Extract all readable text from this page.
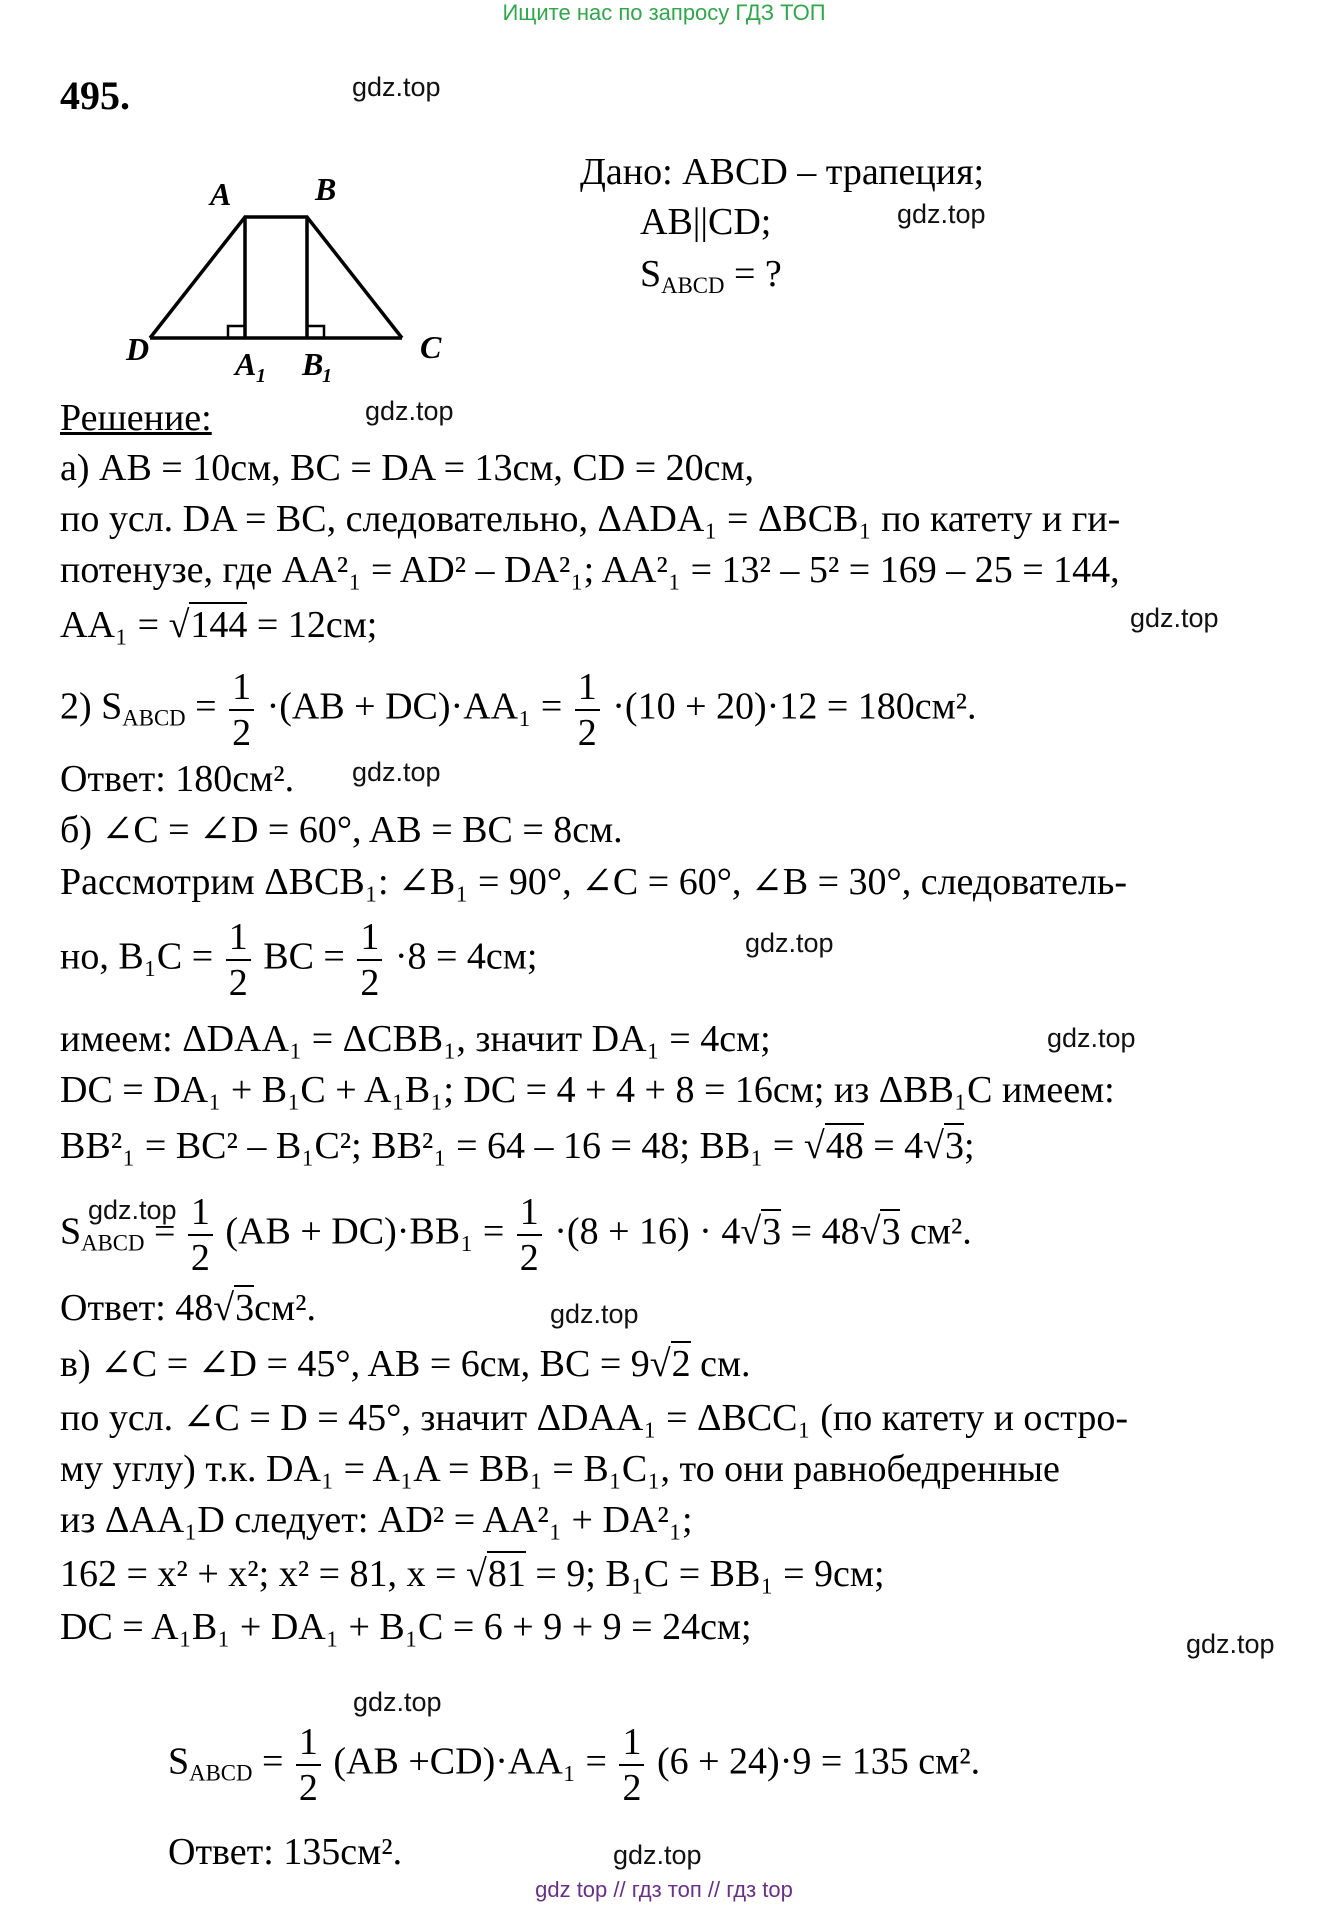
Ищите нас по запросу ГДЗ ТОП
495.	gdz.top
gdz.top
gdz.top
gdz.top
gdz.top
gdz.top
gdz.top
gdz.top
gdz.top
gdz.top
gdz.top
gdz.top
A	B
C
D	A 1 B
1
Дано: ABCD – трапеция;
AB||CD;
$S_{ABCD}$ = ?
Решение:
а) AB = 10см, BC = DA = 13см, CD = 20см,
по усл. DA = BC, следовательно, ΔADA₁ = ΔBCB₁ по катету и ги-
потенузе, где AA²₁ = AD² – DA²₁; AA²₁ = 13² – 5² = 169 – 25 = 144,
AA₁ = √144 = 12см;
2) $S_{ABCD} = \frac{1}{2} \cdot(AB + DC)\cdot AA_1 = \frac{1}{2} \cdot(10 + 20)\cdot 12 = 180см^2$.
Ответ: 180см².
б) ∠C = ∠D = 60°, AB = BC = 8см.
Рассмотрим ΔBCB₁: ∠B₁ = 90°, ∠C = 60°, ∠B = 30°, следователь-
но, $B_1C = \frac{1}{2}$ BC = $\frac{1}{2} \cdot 8 = 4см$;
имеем: ΔDAA₁ = ΔCBB₁, значит DA₁ = 4см;
DC = DA₁ + B₁C + A₁B₁; DC = 4 + 4 + 8 = 16см; из ΔBB₁C имеем:
BB²₁ = BC² – B₁C²; BB²₁ = 64 – 16 = 48; BB₁ = √48 = 4√3;
$S_{ABCD} = \frac{1}{2} (AB + DC)\cdot BB_1 = \frac{1}{2} \cdot(8 + 16) \cdot 4√3 = 48√3$ см².
Ответ: 48√3см².
в) ∠C = ∠D = 45°, AB = 6см, BC = 9√2 см.
по усл. ∠C = D = 45°, значит ΔDAA₁ = ΔBCC₁ (по катету и остро-
му углу) т.к. DA₁ = A₁A = BB₁ = B₁C₁, то они равнобедренные
из ΔAA₁D следует: AD² = AA²₁ + DA²₁;
162 = x² + x²; x² = 81, x = √81 = 9; B₁C = BB₁ = 9см;
DC = A₁B₁ + DA₁ + B₁C = 6 + 9 + 9 = 24см;
$S_{ABCD} = \frac{1}{2} (AB +CD)\cdot AA_1 = \frac{1}{2} (6 + 24)\cdot 9 = 135$ см².
Ответ: 135см².
gdz top // гдз топ // гдз top
